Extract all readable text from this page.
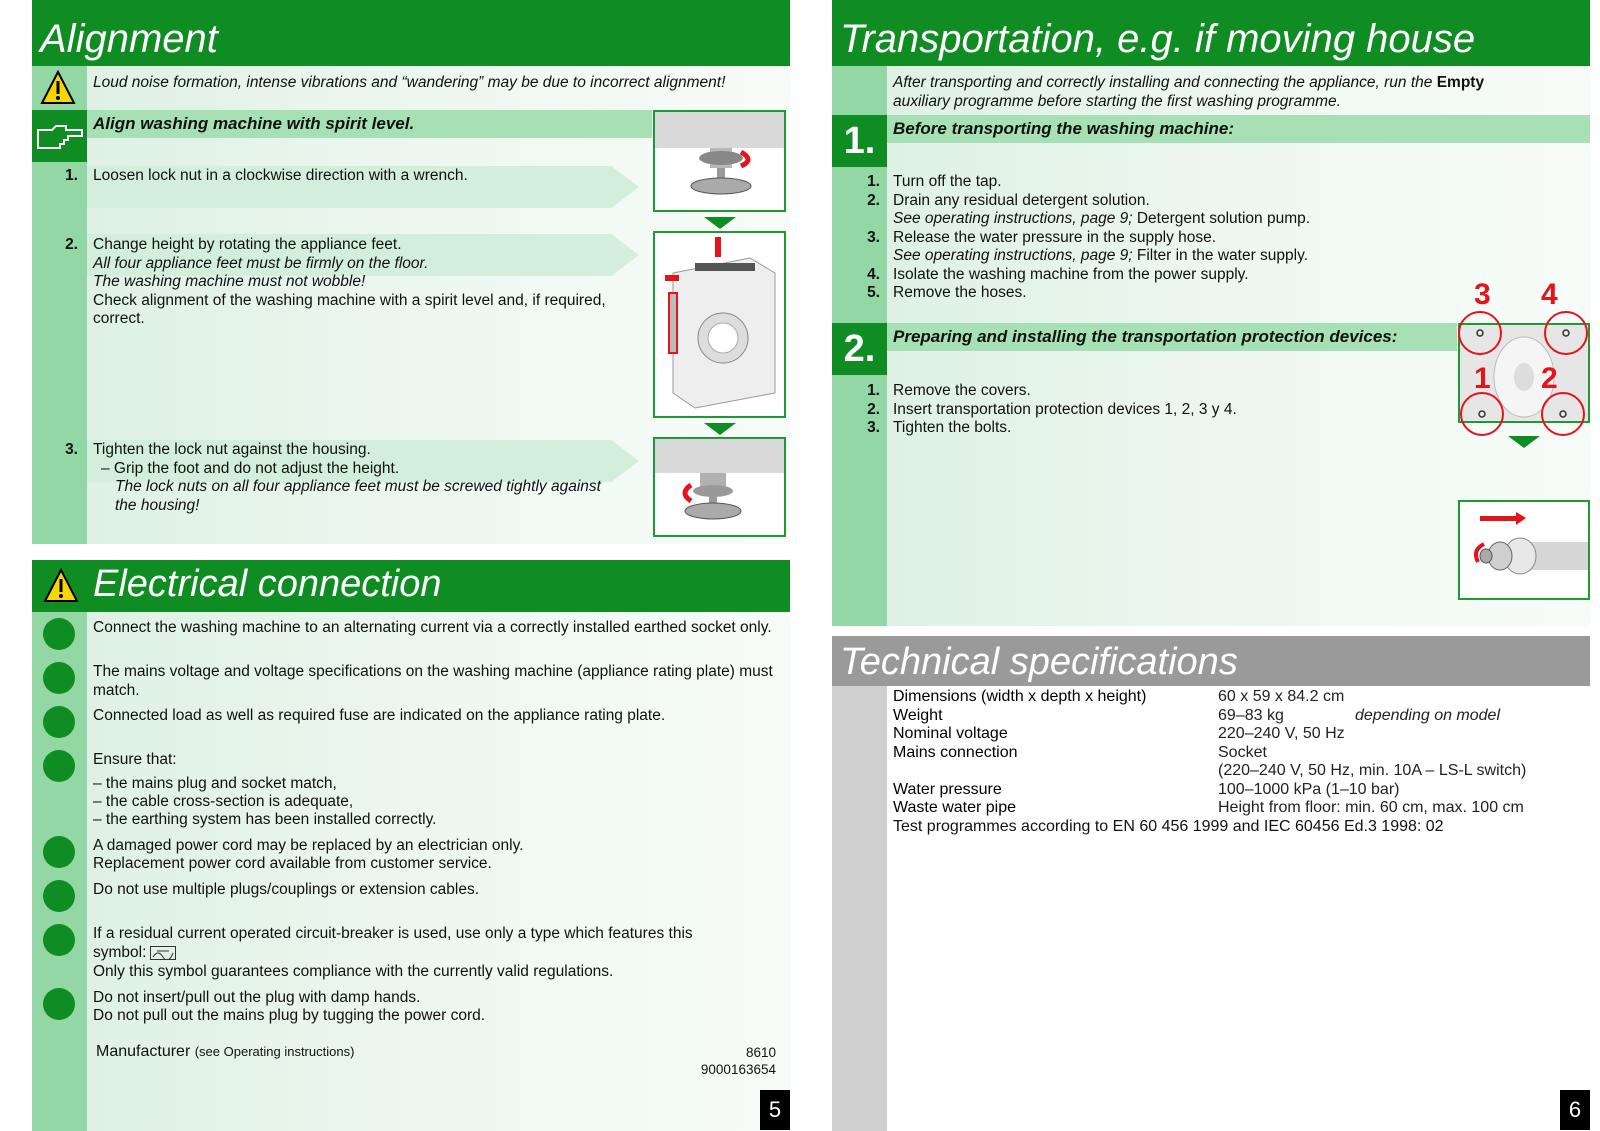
Alignment
Loud noise formation, intense vibrations and “wandering” may be due to incorrect alignment!
Align washing machine with spirit level.
1. Loosen lock nut in a clockwise direction with a wrench.
2. Change height by rotating the appliance feet.
All four appliance feet must be firmly on the floor.
The washing machine must not wobble!
Check alignment of the washing machine with a spirit level and, if required,
correct.
3. Tighten the lock nut against the housing.
– Grip the foot and do not adjust the height.
The lock nuts on all four appliance feet must be screwed tightly against
the housing!
Electrical connection
Connect the washing machine to an alternating current via a correctly installed earthed socket only.
The mains voltage and voltage specifications on the washing machine (appliance rating plate) must match.
Connected load as well as required fuse are indicated on the appliance rating plate.
Ensure that:
– the mains plug and socket match,
– the cable cross-section is adequate,
– the earthing system has been installed correctly.
A damaged power cord may be replaced by an electrician only.
Replacement power cord available from customer service.
Do not use multiple plugs/couplings or extension cables.
If a residual current operated circuit-breaker is used, use only a type which features this
symbol:
Only this symbol guarantees compliance with the currently valid regulations.
Do not insert/pull out the plug with damp hands.
Do not pull out the mains plug by tugging the power cord.
Manufacturer (see Operating instructions)	8610
9000163654
5
Transportation, e.g. if moving house
After transporting and correctly installing and connecting the appliance, run the Empty
auxiliary programme before starting the first washing programme.
1.	Before transporting the washing machine:
1. Turn off the tap.
2. Drain any residual detergent solution.
See operating instructions, page 9; Detergent solution pump.
3. Release the water pressure in the supply hose.
See operating instructions, page 9; Filter in the water supply.
4. Isolate the washing machine from the power supply.
5. Remove the hoses.
2.	Preparing and installing the transportation protection devices:
1. Remove the covers.
2. Insert transportation protection devices 1, 2, 3 y 4.
3. Tighten the bolts.
3 4
1 2
Technical specifications
Dimensions (width x depth x height)	60 x 59 x 84.2 cm
Weight	69–83 kg	depending on model
Nominal voltage	220–240 V, 50 Hz
Mains connection	Socket
(220–240 V, 50 Hz, min. 10A – LS-L switch)
Water pressure	100–1000 kPa (1–10 bar)
Waste water pipe	Height from floor: min. 60 cm, max. 100 cm
Test programmes according to EN 60 456 1999 and IEC 60456 Ed.3 1998: 02
6
